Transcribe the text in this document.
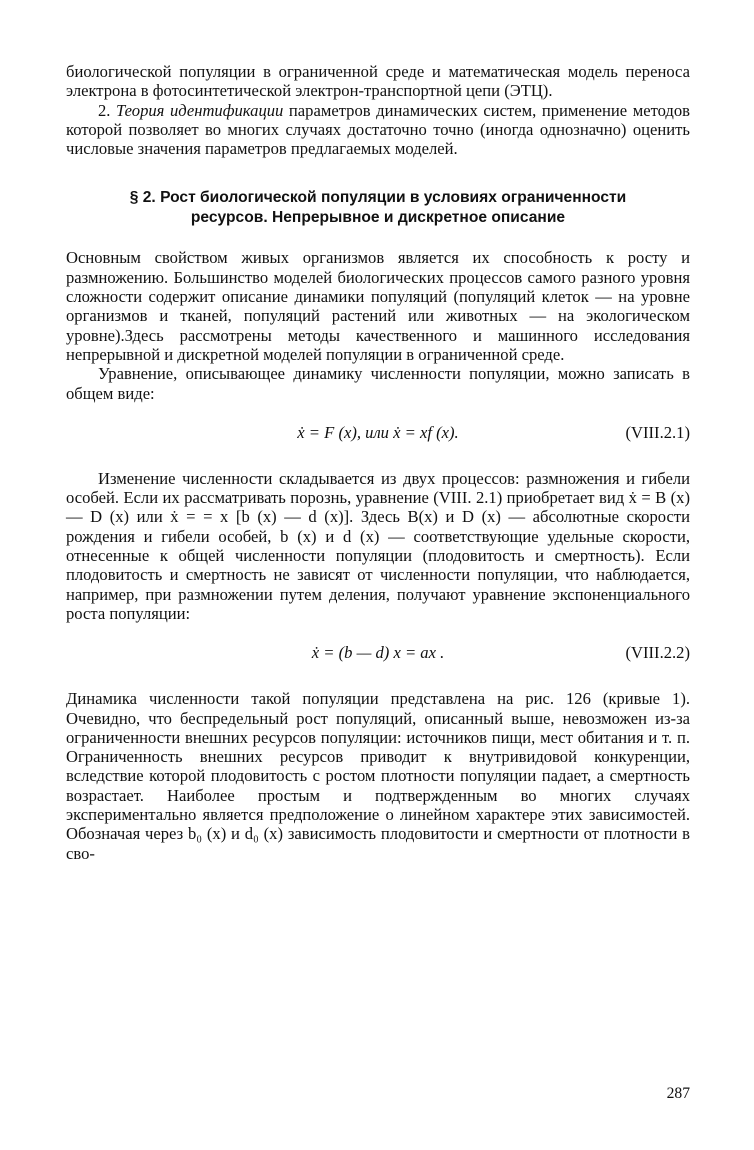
биологической популяции в ограниченной среде и математическая модель переноса электрона в фотосинтетической электрон-транспортной цепи (ЭТЦ).

2. Теория идентификации параметров динамических систем, применение методов которой позволяет во многих случаях достаточно точно (иногда однозначно) оценить числовые значения параметров предлагаемых моделей.

§ 2. Рост биологической популяции в условиях ограниченности
ресурсов. Непрерывное и дискретное описание

Основным свойством живых организмов является их способность к росту и размножению. Большинство моделей биологических процессов самого разного уровня сложности содержит описание динамики популяций (популяций клеток — на уровне организмов и тканей, популяций растений или животных — на экологическом уровне).Здесь рассмотрены методы качественного и машинного исследования непрерывной и дискретной моделей популяции в ограниченной среде.

Уравнение, описывающее динамику численности популяции, можно записать в общем виде:

ẋ = F (x), или ẋ = xf (x).	(VIII.2.1)

Изменение численности складывается из двух процессов: размножения и гибели особей. Если их рассматривать порознь, уравнение (VIII. 2.1) приобретает вид ẋ = B (x) — D (x) или ẋ = = x [b (x) — d (x)]. Здесь B(x) и D (x) — абсолютные скорости рождения и гибели особей, b (x) и d (x) — соответствующие удельные скорости, отнесенные к общей численности популяции (плодовитость и смертность). Если плодовитость и смертность не зависят от численности популяции, что наблюдается, например, при размножении путем деления, получают уравнение экспоненциального роста популяции:

ẋ = (b — d) x = ax .	(VIII.2.2)

Динамика численности такой популяции представлена на рис. 126 (кривые 1). Очевидно, что беспредельный рост популяций, описанный выше, невозможен из-за ограниченности внешних ресурсов популяции: источников пищи, мест обитания и т. п. Ограниченность внешних ресурсов приводит к внутривидовой конкуренции, вследствие которой плодовитость с ростом плотности популяции падает, а смертность возрастает. Наиболее простым и подтвержденным во многих случаях экспериментально является предположение о линейном характере этих зависимостей. Обозначая через b₀ (x) и d₀ (x) зависимость плодовитости и смертности от плотности в сво-

287
